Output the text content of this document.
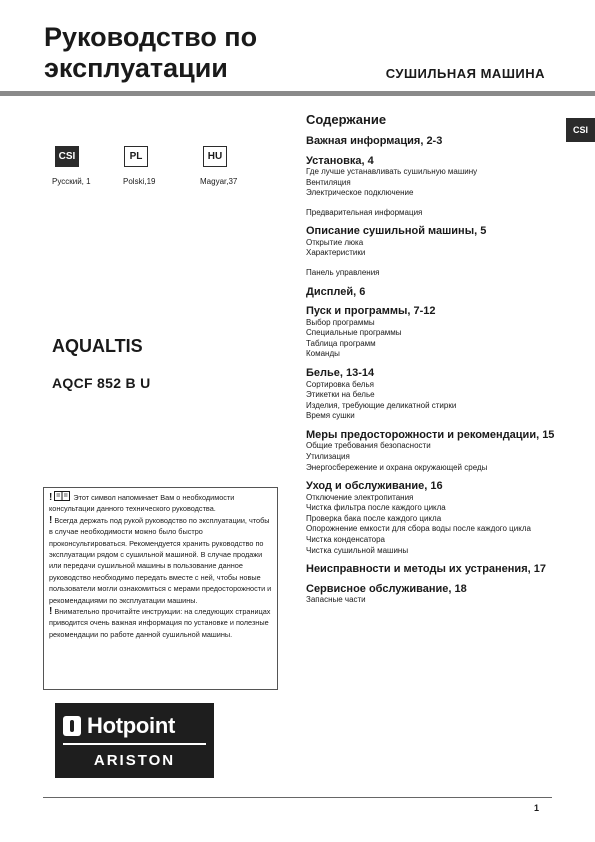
Руководство по
эксплуатации	СУШИЛЬНАЯ МАШИНА
CSI
CSI
Русский, 1
PL
Polski,19
HU
Magyar,37
AQUALTIS
AQCF 852 B U

!	Этот символ напоминает Вам о необходимости консультации данного технического руководства.

! Всегда держать под рукой руководство по эксплуатации, чтобы в случае необходимости можно было быстро проконсультироваться. Рекомендуется хранить руководство по эксплуатации рядом с сушильной машиной. В случае продажи или передачи сушильной машины в пользование данное руководство необходимо передать вместе с ней, чтобы новые пользователи могли ознакомиться с мерами предосторожности и рекомендациями по эксплуатации машины.

! Внимательно прочитайте инструкции: на следующих страницах приводится очень важная информация по установке и полезные рекомендации по работе данной сушильной машины.

Hotpoint
ARISTON
Содержание
Важная информация, 2-3
Установка, 4
Где лучше устанавливать сушильную машину
Вентиляция
Электрическое подключение
Предварительная информация
Описание сушильной машины, 5
Открытие люка
Характеристики
Панель управления
Дисплей, 6
Пуск и программы, 7-12
Выбор программы
Специальные программы
Таблица программ
Команды
Белье, 13-14
Сортировка белья
Этикетки на белье
Изделия, требующие деликатной стирки
Время сушки
Меры предосторожности и рекомендации, 15
Общие требования безопасности
Утилизация
Энергосбережение и охрана окружающей среды
Уход и обслуживание, 16
Отключение электропитания
Чистка фильтра после каждого цикла
Проверка бака после каждого цикла
Опорожнение емкости для сбора воды после каждого цикла
Чистка конденсатора
Чистка сушильной машины
Неисправности и методы их устранения, 17
Сервисное обслуживание, 18
Запасные части
1
